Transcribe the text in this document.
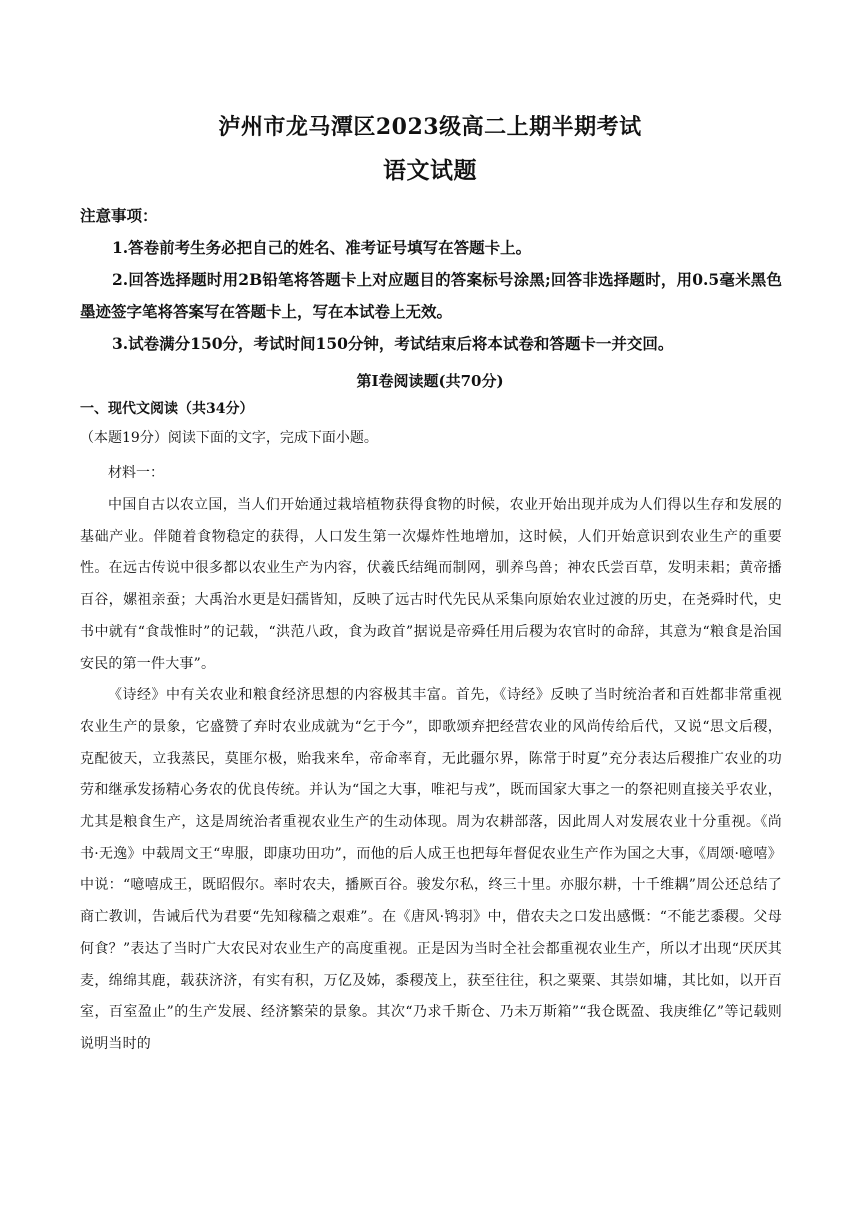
泸州市龙马潭区2023级高二上期半期考试
语文试题
注意事项：
1.答卷前考生务必把自己的姓名、准考证号填写在答题卡上。
2.回答选择题时用2B铅笔将答题卡上对应题目的答案标号涂黑;回答非选择题时，用0.5毫米黑色墨迹签字笔将答案写在答题卡上，写在本试卷上无效。
3.试卷满分150分，考试时间150分钟，考试结束后将本试卷和答题卡一并交回。
第Ⅰ卷阅读题(共70分)
一、现代文阅读（共34分）
（本题19分）阅读下面的文字，完成下面小题。
材料一：

中国自古以农立国，当人们开始通过栽培植物获得食物的时候，农业开始出现并成为人们得以生存和发展的基础产业。伴随着食物稳定的获得，人口发生第一次爆炸性地增加，这时候，人们开始意识到农业生产的重要性。在远古传说中很多都以农业生产为内容，伏羲氏结绳而制网，驯养鸟兽；神农氏尝百草，发明耒耜；黄帝播百谷，嫘祖亲蚕；大禹治水更是妇孺皆知，反映了远古时代先民从采集向原始农业过渡的历史，在尧舜时代，史书中就有“食哉惟时”的记载，“洪范八政，食为政首”据说是帝舜任用后稷为农官时的命辞，其意为“粮食是治国安民的第一件大事”。

《诗经》中有关农业和粮食经济思想的内容极其丰富。首先，《诗经》反映了当时统治者和百姓都非常重视农业生产的景象，它盛赞了弃时农业成就为“乞于今”，即歌颂弃把经营农业的风尚传给后代，又说“思文后稷，克配彼天，立我蒸民，莫匪尔极，贻我来牟，帝命率育，无此疆尔界，陈常于时夏”充分表达后稷推广农业的功劳和继承发扬精心务农的优良传统。并认为“国之大事，唯祀与戎”，既而国家大事之一的祭祀则直接关乎农业，尤其是粮食生产，这是周统治者重视农业生产的生动体现。周为农耕部落，因此周人对发展农业十分重视。《尚书·无逸》中载周文王“卑服，即康功田功”，而他的后人成王也把每年督促农业生产作为国之大事，《周颂·噫嘻》中说：“噫嘻成王，既昭假尔。率时农夫，播厥百谷。骏发尔私，终三十里。亦服尔耕，十千维耦”周公还总结了商亡教训，告诫后代为君要“先知稼穑之艰难”。在《唐风·鸨羽》中，借农夫之口发出感慨：“不能艺黍稷。父母何食？”表达了当时广大农民对农业生产的高度重视。正是因为当时全社会都重视农业生产，所以才出现“厌厌其麦，绵绵其鹿，载获济济，有实有积，万亿及姊，黍稷茂上，获至往往，积之粟粟、其崇如墉，其比如，以开百室，百室盈止”的生产发展、经济繁荣的景象。其次“乃求千斯仓、乃未万斯箱”“我仓既盈、我庚维亿”等记载则说明当时的
